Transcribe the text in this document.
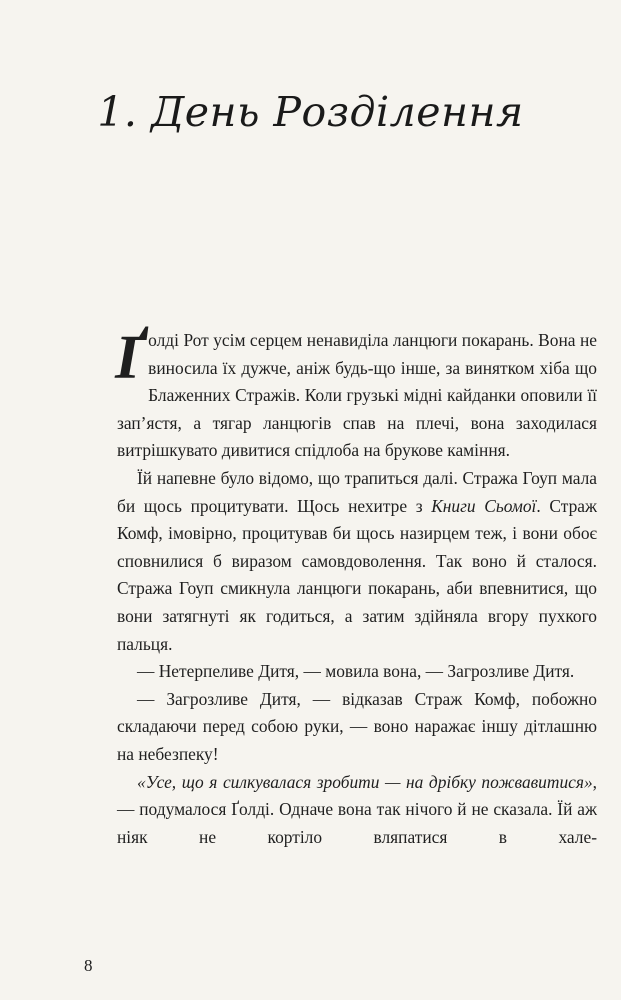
1. День Розділення

Ґолді Рот усім серцем ненавиділа ланцюги покарань. Вона не виносила їх дужче, аніж будь-що інше, за винятком хіба що Блаженних Стражів. Коли грузькі мідні кайданки оповили її зап’ястя, а тягар ланцюгів спав на плечі, вона заходилася витрішкувато дивитися спідлоба на брукове каміння.

Їй напевне було відомо, що трапиться далі. Стража Гоуп мала би щось процитувати. Щось нехитре з Книги Сьомої. Страж Комф, імовірно, процитував би щось назирцем теж, і вони обоє сповнилися б виразом самовдоволення. Так воно й сталося. Стража Гоуп смикнула ланцюги покарань, аби впевнитися, що вони затягнуті як годиться, а затим здійняла вгору пухкого пальця.

— Нетерпеливе Дитя, — мовила вона, — Загрозливе Дитя.

— Загрозливе Дитя, — відказав Страж Комф, побожно складаючи перед собою руки, — воно наражає іншу дітлашню на небезпеку!

«Усе, що я силкувалася зробити — на дрібку пожвавитися», — подумалося Ґолді. Одначе вона так нічого й не сказала. Їй аж ніяк не кортіло вляпатися в хале-

8
